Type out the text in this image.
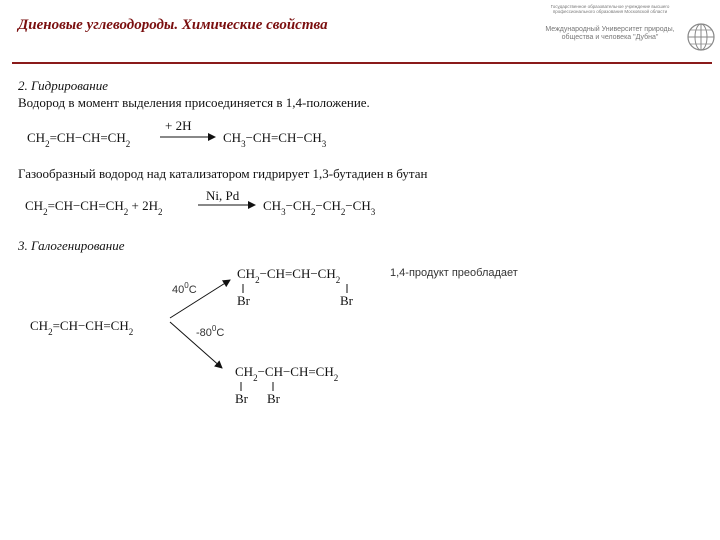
Диеновые углеводороды. Химические свойства
Государственное образовательное учреждение высшего профессионального образования Московской области
Международный Университет природы, общества и человека "Дубна"
2. Гидрирование
Водород в момент выделения присоединяется в 1,4-положение.
Газообразный водород над катализатором гидрирует 1,3-бутадиен в бутан
3. Галогенирование
$CH_2=CH-CH=CH_2$
+ 2H
$CH_3-CH=CH-CH_3$
$CH_2=CH-CH=CH_2 + 2H_2$
Ni, Pd
$CH_3-CH_2-CH_2-CH_3$
$CH_2=CH-CH=CH_2$
$40^0C$
$-80^0C$
$CH_2-CH=CH-CH_2$
Br	Br
1,4-продукт преобладает
$CH_2-CH-CH=CH_2$
Br Br
